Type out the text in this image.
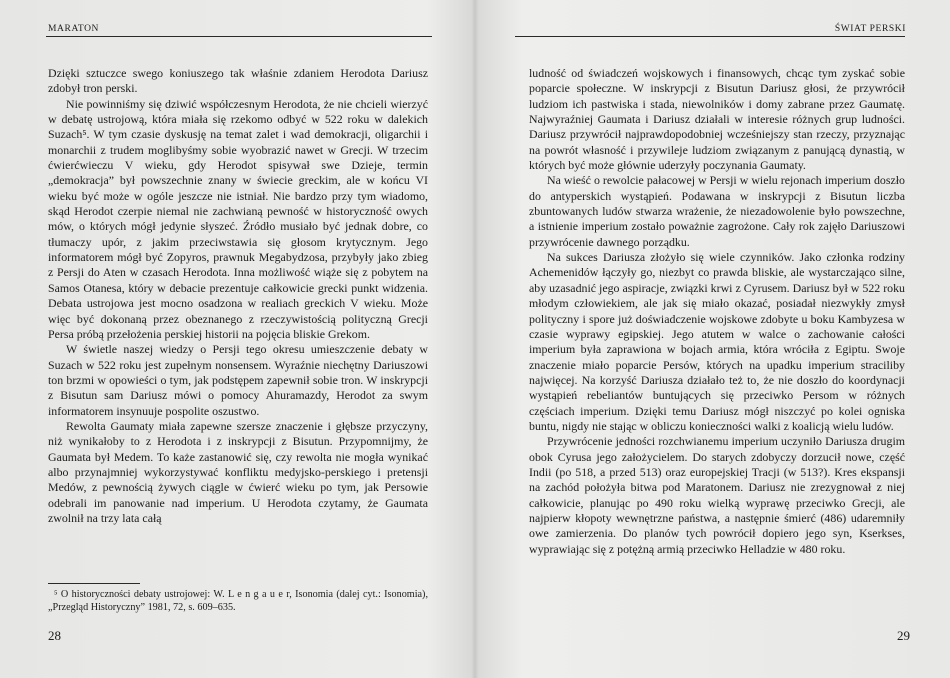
MARATON

Dzięki sztuczce swego koniuszego tak właśnie zdaniem Herodota Dariusz zdobył tron perski.

Nie powinniśmy się dziwić współczesnym Herodota, że nie chcieli wierzyć w debatę ustrojową, która miała się rzekomo odbyć w 522 roku w dalekich Suzach⁵. W tym czasie dyskusję na temat zalet i wad demokracji, oligarchii i monarchii z trudem moglibyśmy sobie wyobrazić nawet w Grecji. W trzecim ćwierćwieczu V wieku, gdy Herodot spisywał swe Dzieje, termin „demokracja” był powszechnie znany w świecie greckim, ale w końcu VI wieku być może w ogóle jeszcze nie istniał. Nie bardzo przy tym wiadomo, skąd Herodot czerpie niemal nie zachwianą pewność w historyczność owych mów, o których mógł jedynie słyszeć. Źródło musiało być jednak dobre, co tłumaczy upór, z jakim przeciwstawia się głosom krytycznym. Jego informatorem mógł być Zopyros, prawnuk Megabydzosa, przybyły jako zbieg z Persji do Aten w czasach Herodota. Inna możliwość wiąże się z pobytem na Samos Otanesa, który w debacie prezentuje całkowicie grecki punkt widzenia. Debata ustrojowa jest mocno osadzona w realiach greckich V wieku. Może więc być dokonaną przez obeznanego z rzeczywistością polityczną Grecji Persa próbą przełożenia perskiej historii na pojęcia bliskie Grekom.

W świetle naszej wiedzy o Persji tego okresu umieszczenie debaty w Suzach w 522 roku jest zupełnym nonsensem. Wyraźnie niechętny Dariuszowi ton brzmi w opowieści o tym, jak podstępem zapewnił sobie tron. W inskrypcji z Bisutun sam Dariusz mówi o pomocy Ahuramazdy, Herodot za swym informatorem insynuuje pospolite oszustwo.

Rewolta Gaumaty miała zapewne szersze znaczenie i głębsze przyczyny, niż wynikałoby to z Herodota i z inskrypcji z Bisutun. Przypomnijmy, że Gaumata był Medem. To każe zastanowić się, czy rewolta nie mogła wynikać albo przynajmniej wykorzystywać konfliktu medyjsko-perskiego i pretensji Medów, z pewnością żywych ciągle w ćwierć wieku po tym, jak Persowie odebrali im panowanie nad imperium. U Herodota czytamy, że Gaumata zwolnił na trzy lata całą

⁵ O historyczności debaty ustrojowej: W. L e n g a u e r, Isonomia (dalej cyt.: Isonomia), „Przegląd Historyczny” 1981, 72, s. 609–635.
28
ŚWIAT PERSKI

ludność od świadczeń wojskowych i finansowych, chcąc tym zyskać sobie poparcie społeczne. W inskrypcji z Bisutun Dariusz głosi, że przywrócił ludziom ich pastwiska i stada, niewolników i domy zabrane przez Gaumatę. Najwyraźniej Gaumata i Dariusz działali w interesie różnych grup ludności. Dariusz przywrócił najprawdopodobniej wcześniejszy stan rzeczy, przyznając na powrót własność i przywileje ludziom związanym z panującą dynastią, w których być może głównie uderzyły poczynania Gaumaty.

Na wieść o rewolcie pałacowej w Persji w wielu rejonach imperium doszło do antyperskich wystąpień. Podawana w inskrypcji z Bisutun liczba zbuntowanych ludów stwarza wrażenie, że niezadowolenie było powszechne, a istnienie imperium zostało poważnie zagrożone. Cały rok zajęło Dariuszowi przywrócenie dawnego porządku.

Na sukces Dariusza złożyło się wiele czynników. Jako członka rodziny Achemenidów łączyły go, niezbyt co prawda bliskie, ale wystarczająco silne, aby uzasadnić jego aspiracje, związki krwi z Cyrusem. Dariusz był w 522 roku młodym człowiekiem, ale jak się miało okazać, posiadał niezwykły zmysł polityczny i spore już doświadczenie wojskowe zdobyte u boku Kambyzesa w czasie wyprawy egipskiej. Jego atutem w walce o zachowanie całości imperium była zaprawiona w bojach armia, która wróciła z Egiptu. Swoje znaczenie miało poparcie Persów, których na upadku imperium straciliby najwięcej. Na korzyść Dariusza działało też to, że nie doszło do koordynacji wystąpień rebeliantów buntujących się przeciwko Persom w różnych częściach imperium. Dzięki temu Dariusz mógł niszczyć po kolei ogniska buntu, nigdy nie stając w obliczu konieczności walki z koalicją wielu ludów.

Przywrócenie jedności rozchwianemu imperium uczyniło Dariusza drugim obok Cyrusa jego założycielem. Do starych zdobyczy dorzucił nowe, część Indii (po 518, a przed 513) oraz europejskiej Tracji (w 513?). Kres ekspansji na zachód położyła bitwa pod Maratonem. Dariusz nie zrezygnował z niej całkowicie, planując po 490 roku wielką wyprawę przeciwko Grecji, ale najpierw kłopoty wewnętrzne państwa, a następnie śmierć (486) udaremniły owe zamierzenia. Do planów tych powrócił dopiero jego syn, Kserkses, wyprawiając się z potężną armią przeciwko Helladzie w 480 roku.

29
